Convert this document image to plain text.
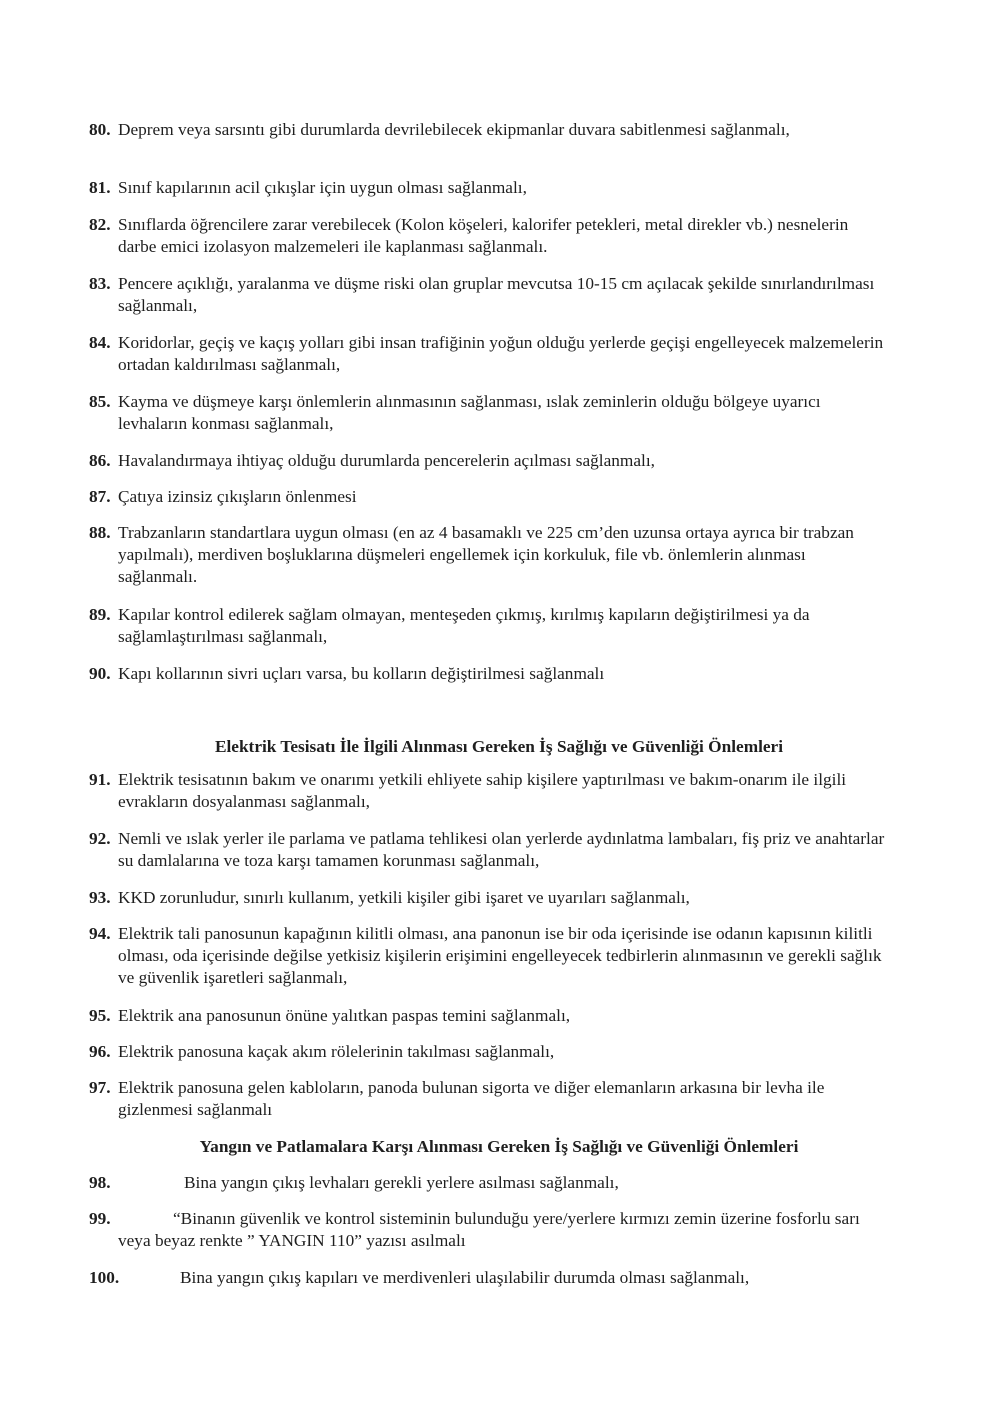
80. Deprem veya sarsıntı gibi durumlarda devrilebilecek ekipmanlar duvara sabitlenmesi sağlanmalı,
81. Sınıf kapılarının acil çıkışlar için uygun olması sağlanmalı,
82. Sınıflarda öğrencilere zarar verebilecek (Kolon köşeleri, kalorifer petekleri, metal direkler vb.) nesnelerin darbe emici izolasyon malzemeleri ile kaplanması sağlanmalı.
83. Pencere açıklığı, yaralanma ve düşme riski olan gruplar mevcutsa 10-15 cm açılacak şekilde sınırlandırılması sağlanmalı,
84. Koridorlar, geçiş ve kaçış yolları gibi insan trafiğinin yoğun olduğu yerlerde geçişi engelleyecek malzemelerin ortadan kaldırılması sağlanmalı,
85. Kayma ve düşmeye karşı önlemlerin alınmasının sağlanması, ıslak zeminlerin olduğu bölgeye uyarıcı levhaların konması sağlanmalı,
86. Havalandırmaya ihtiyaç olduğu durumlarda pencerelerin açılması sağlanmalı,
87. Çatıya izinsiz çıkışların önlenmesi
88. Trabzanların standartlara uygun olması (en az 4 basamaklı ve 225 cm’den uzunsa ortaya ayrıca bir trabzan yapılmalı), merdiven boşluklarına düşmeleri engellemek için korkuluk, file vb. önlemlerin alınması sağlanmalı.
89. Kapılar kontrol edilerek sağlam olmayan, menteşeden çıkmış, kırılmış kapıların değiştirilmesi ya da sağlamlaştırılması sağlanmalı,
90. Kapı kollarının sivri uçları varsa, bu kolların değiştirilmesi sağlanmalı
Elektrik Tesisatı İle İlgili Alınması Gereken İş Sağlığı ve Güvenliği Önlemleri
91. Elektrik tesisatının bakım ve onarımı yetkili ehliyete sahip kişilere yaptırılması ve bakım-onarım ile ilgili evrakların dosyalanması sağlanmalı,
92. Nemli ve ıslak yerler ile parlama ve patlama tehlikesi olan yerlerde aydınlatma lambaları, fiş priz ve anahtarlar su damlalarına ve toza karşı tamamen korunması sağlanmalı,
93. KKD zorunludur, sınırlı kullanım, yetkili kişiler gibi işaret ve uyarıları sağlanmalı,
94. Elektrik tali panosunun kapağının kilitli olması, ana panonun ise bir oda içerisinde ise odanın kapısının kilitli olması, oda içerisinde değilse yetkisiz kişilerin erişimini engelleyecek tedbirlerin alınmasının ve gerekli sağlık ve güvenlik işaretleri sağlanmalı,
95. Elektrik ana panosunun önüne yalıtkan paspas temini sağlanmalı,
96. Elektrik panosuna kaçak akım rölelerinin takılması sağlanmalı,
97. Elektrik panosuna gelen kabloların, panoda bulunan sigorta ve diğer elemanların arkasına bir levha ile gizlenmesi sağlanmalı
Yangın ve Patlamalara Karşı Alınması Gereken İş Sağlığı ve Güvenliği Önlemleri
98.	Bina yangın çıkış levhaları gerekli yerlere asılması sağlanmalı,
99.	“Binanın güvenlik ve kontrol sisteminin bulunduğu yere/yerlere kırmızı zemin üzerine fosforlu sarı veya beyaz renkte ” YANGIN 110” yazısı asılmalı
100.	Bina yangın çıkış kapıları ve merdivenleri ulaşılabilir durumda olması sağlanmalı,
